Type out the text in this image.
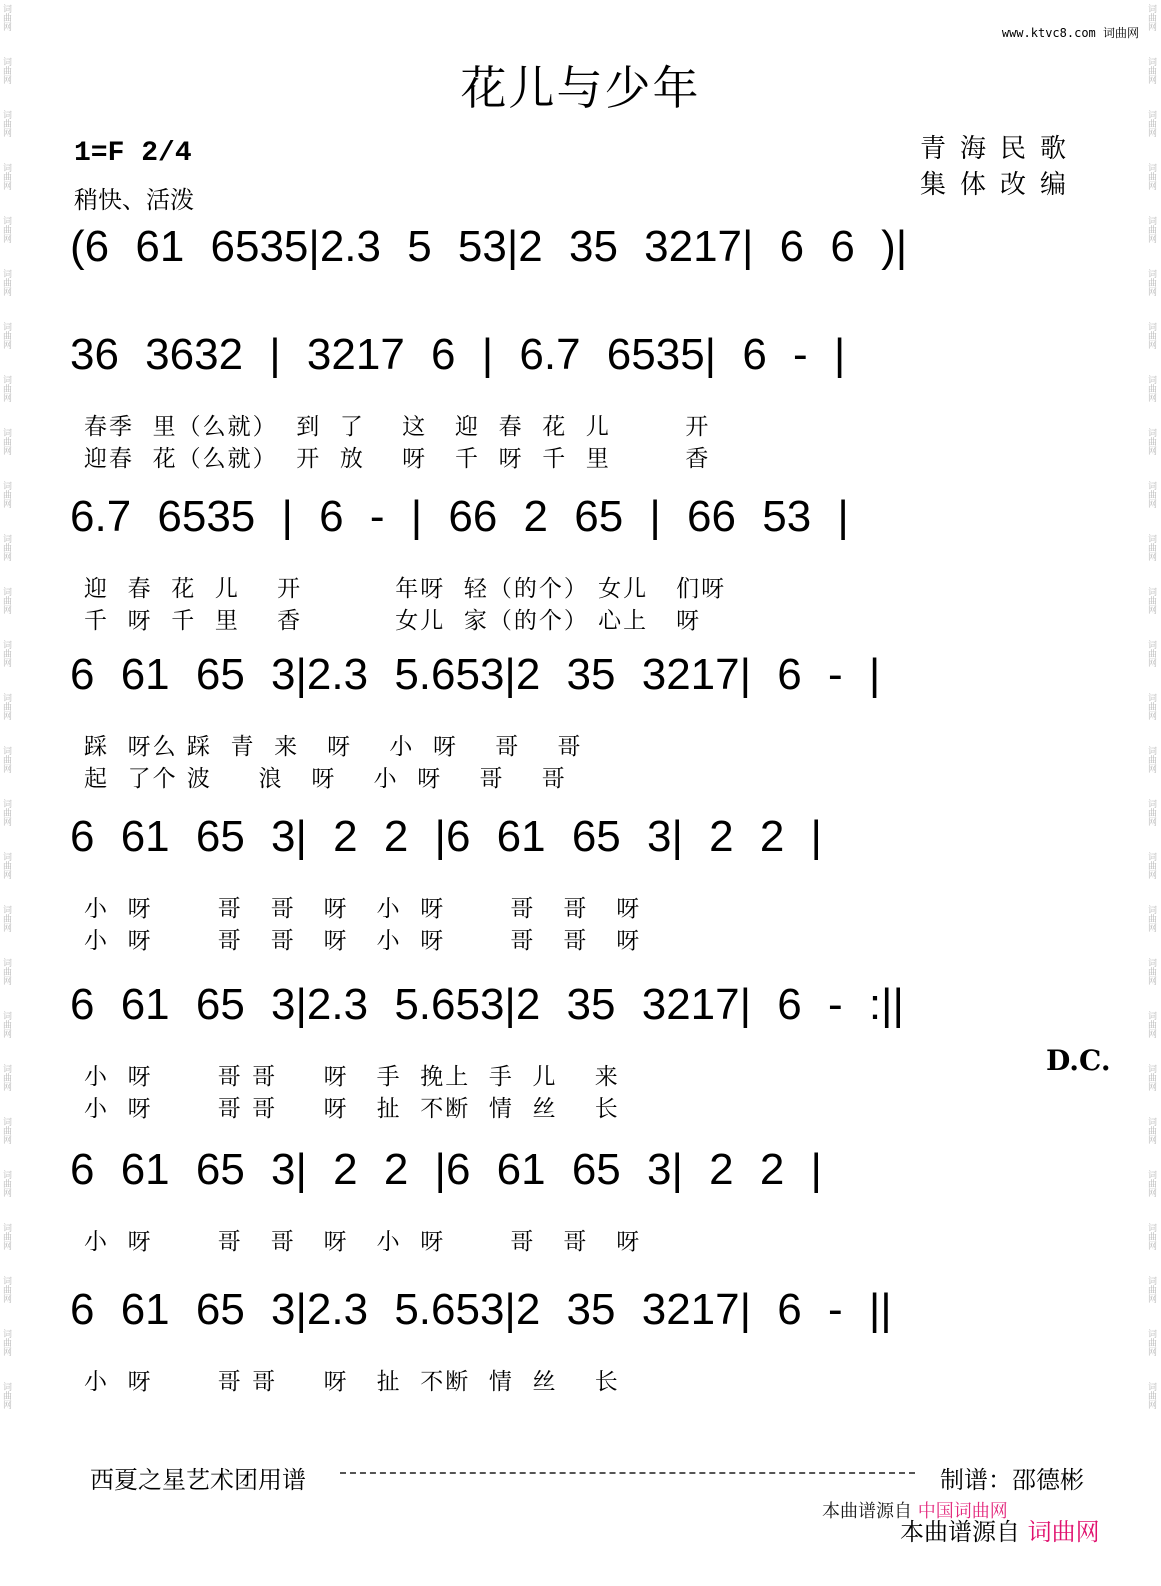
词曲网
词曲网
词曲网
词曲网
词曲网
词曲网
词曲网
词曲网
词曲网
词曲网
词曲网
词曲网
词曲网
词曲网
词曲网
词曲网
词曲网
词曲网
词曲网
词曲网
词曲网
词曲网
词曲网
词曲网
词曲网
词曲网
词曲网
词曲网
词曲网
词曲网
词曲网
词曲网
词曲网
词曲网
词曲网
词曲网
词曲网
词曲网
词曲网
词曲网
词曲网
词曲网
词曲网
词曲网
词曲网
词曲网
词曲网
词曲网
词曲网
词曲网
词曲网
词曲网
词曲网
词曲网
www.ktvc8.com 词曲网
花儿与少年
1=F 2/4
稍快、活泼
青海民歌
集体改编
(6 61 6535|2.3 5 53|2 35 3217| 6 6 )|
36 3632 | 3217 6 | 6.7 6535| 6 - |
春季  里（么就）  到  了    这   迎  春  花  儿        开
迎春  花（么就）  开  放    呀   千  呀  千  里        香
6.7 6535 | 6 - | 66 2 65 | 66 53 |
迎  春  花  儿    开          年呀  轻（的个） 女儿   们呀
千  呀  千  里    香          女儿  家（的个） 心上   呀
6 61 65 3|2.3 5.653|2 35 3217| 6 - |
踩  呀么 踩  青  来   呀    小  呀    哥    哥
起  了个 波     浪   呀    小  呀    哥    哥
6 61 65 3| 2 2 |6 61 65 3| 2 2 |
小  呀       哥   哥   呀   小  呀       哥   哥   呀
小  呀       哥   哥   呀   小  呀       哥   哥   呀
6 61 65 3|2.3 5.653|2 35 3217| 6 - :||
小  呀       哥 哥     呀   手  挽上  手  儿    来
小  呀       哥 哥     呀   扯  不断  情  丝    长
6 61 65 3| 2 2 |6 61 65 3| 2 2 |
小  呀       哥   哥   呀   小  呀       哥   哥   呀
6 61 65 3|2.3 5.653|2 35 3217| 6 - ||
小  呀       哥 哥     呀   扯  不断  情  丝    长
D.C.
西夏之星艺术团用谱	制谱：邵德彬
本曲谱源自 中国词曲网
本曲谱源自 词曲网
